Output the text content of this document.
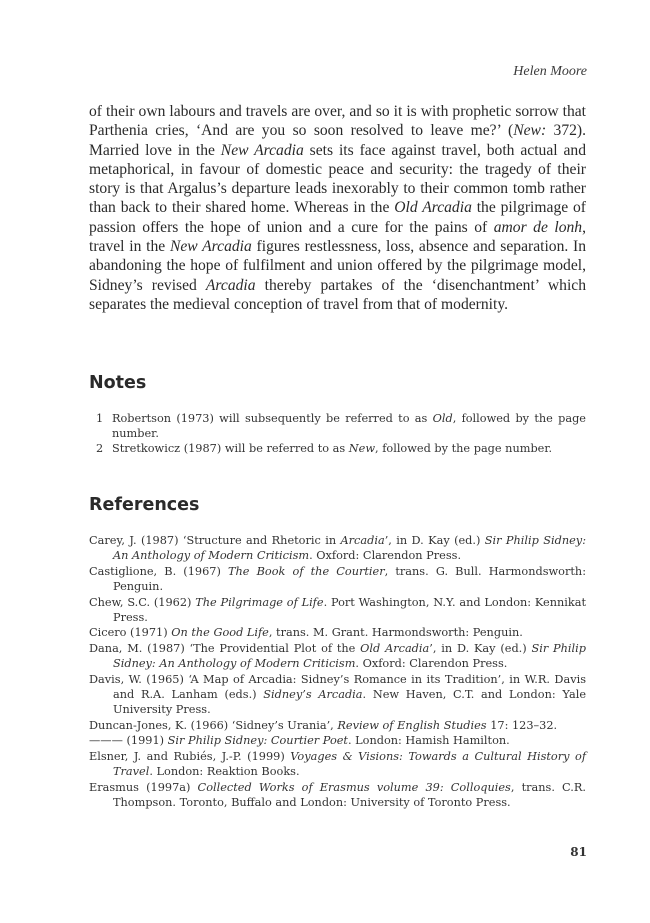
Helen Moore

of their own labours and travels are over, and so it is with prophetic sorrow that Parthenia cries, ‘And are you so soon resolved to leave me?’ (New: 372). Married love in the New Arcadia sets its face against travel, both actual and metaphorical, in favour of domestic peace and security: the tragedy of their story is that Argalus’s departure leads inexorably to their common tomb rather than back to their shared home. Whereas in the Old Arcadia the pilgrimage of passion offers the hope of union and a cure for the pains of amor de lonh, travel in the New Arcadia figures restlessness, loss, absence and separation. In abandoning the hope of fulfilment and union offered by the pilgrimage model, Sidney’s revised Arcadia thereby partakes of the ‘disenchantment’ which separates the medieval conception of travel from that of modernity.

Notes
1 Robertson (1973) will subsequently be referred to as Old, followed by the page number.
2 Stretkowicz (1987) will be referred to as New, followed by the page number.
References
Carey, J. (1987) ‘Structure and Rhetoric in Arcadia’, in D. Kay (ed.) Sir Philip Sidney: An Anthology of Modern Criticism. Oxford: Clarendon Press.
Castiglione, B. (1967) The Book of the Courtier, trans. G. Bull. Harmondsworth: Penguin.
Chew, S.C. (1962) The Pilgrimage of Life. Port Washington, N.Y. and London: Kennikat Press.
Cicero (1971) On the Good Life, trans. M. Grant. Harmondsworth: Penguin.
Dana, M. (1987) ‘The Providential Plot of the Old Arcadia’, in D. Kay (ed.) Sir Philip Sidney: An Anthology of Modern Criticism. Oxford: Clarendon Press.
Davis, W. (1965) ‘A Map of Arcadia: Sidney’s Romance in its Tradition’, in W.R. Davis and R.A. Lanham (eds.) Sidney’s Arcadia. New Haven, C.T. and London: Yale University Press.
Duncan-Jones, K. (1966) ‘Sidney’s Urania’, Review of English Studies 17: 123–32.
——— (1991) Sir Philip Sidney: Courtier Poet. London: Hamish Hamilton.
Elsner, J. and Rubiés, J.-P. (1999) Voyages & Visions: Towards a Cultural History of Travel. London: Reaktion Books.
Erasmus (1997a) Collected Works of Erasmus volume 39: Colloquies, trans. C.R. Thompson. Toronto, Buffalo and London: University of Toronto Press.
81
